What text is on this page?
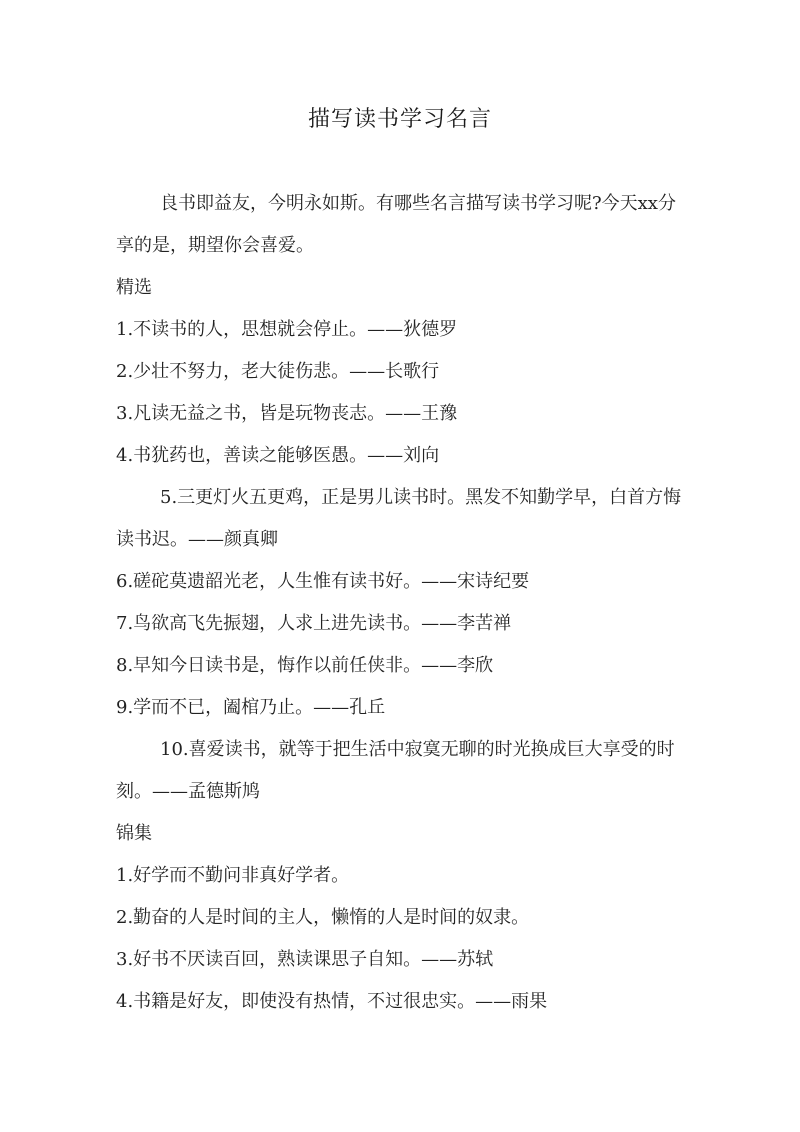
描写读书学习名言

良书即益友，今明永如斯。有哪些名言描写读书学习呢?今天xx分享的是，期望你会喜爱。

精选

1.不读书的人，思想就会停止。——狄德罗

2.少壮不努力，老大徒伤悲。——长歌行

3.凡读无益之书，皆是玩物丧志。——王豫

4.书犹药也，善读之能够医愚。——刘向

5.三更灯火五更鸡，正是男儿读书时。黑发不知勤学早，白首方悔读书迟。——颜真卿

6.磋砣莫遗韶光老，人生惟有读书好。——宋诗纪要

7.鸟欲高飞先振翅，人求上进先读书。——李苦禅

8.早知今日读书是，悔作以前任侠非。——李欣

9.学而不已，阖棺乃止。——孔丘

10.喜爱读书，就等于把生活中寂寞无聊的时光换成巨大享受的时刻。——孟德斯鸠

锦集

1.好学而不勤问非真好学者。

2.勤奋的人是时间的主人，懒惰的人是时间的奴隶。

3.好书不厌读百回，熟读课思子自知。——苏轼

4.书籍是好友，即使没有热情，不过很忠实。——雨果
